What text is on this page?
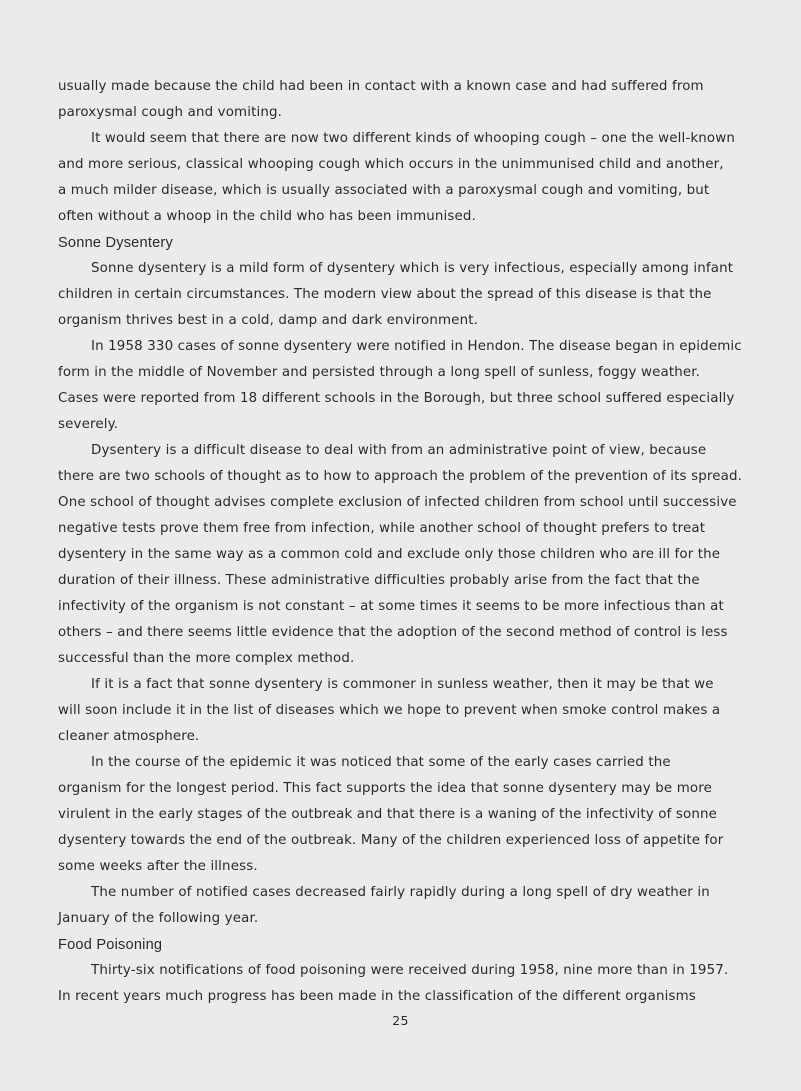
usually made because the child had been in contact with a known case and had suffered from
paroxysmal cough and vomiting.
It would seem that there are now two different kinds of whooping cough – one the well-known
and more serious, classical whooping cough which occurs in the unimmunised child and another,
a much milder disease, which is usually associated with a paroxysmal cough and vomiting, but
often without a whoop in the child who has been immunised.
Sonne Dysentery
Sonne dysentery is a mild form of dysentery which is very infectious, especially among infant
children in certain circumstances. The modern view about the spread of this disease is that the
organism thrives best in a cold, damp and dark environment.
In 1958 330 cases of sonne dysentery were notified in Hendon. The disease began in epidemic
form in the middle of November and persisted through a long spell of sunless, foggy weather.
Cases were reported from 18 different schools in the Borough, but three school suffered especially
severely.
Dysentery is a difficult disease to deal with from an administrative point of view, because
there are two schools of thought as to how to approach the problem of the prevention of its spread.
One school of thought advises complete exclusion of infected children from school until successive
negative tests prove them free from infection, while another school of thought prefers to treat
dysentery in the same way as a common cold and exclude only those children who are ill for the
duration of their illness. These administrative difficulties probably arise from the fact that the
infectivity of the organism is not constant – at some times it seems to be more infectious than at
others – and there seems little evidence that the adoption of the second method of control is less
successful than the more complex method.
If it is a fact that sonne dysentery is commoner in sunless weather, then it may be that we
will soon include it in the list of diseases which we hope to prevent when smoke control makes a
cleaner atmosphere.
In the course of the epidemic it was noticed that some of the early cases carried the
organism for the longest period. This fact supports the idea that sonne dysentery may be more
virulent in the early stages of the outbreak and that there is a waning of the infectivity of sonne
dysentery towards the end of the outbreak. Many of the children experienced loss of appetite for
some weeks after the illness.
The number of notified cases decreased fairly rapidly during a long spell of dry weather in
January of the following year.
Food Poisoning
Thirty-six notifications of food poisoning were received during 1958, nine more than in 1957.
In recent years much progress has been made in the classification of the different organisms
25
